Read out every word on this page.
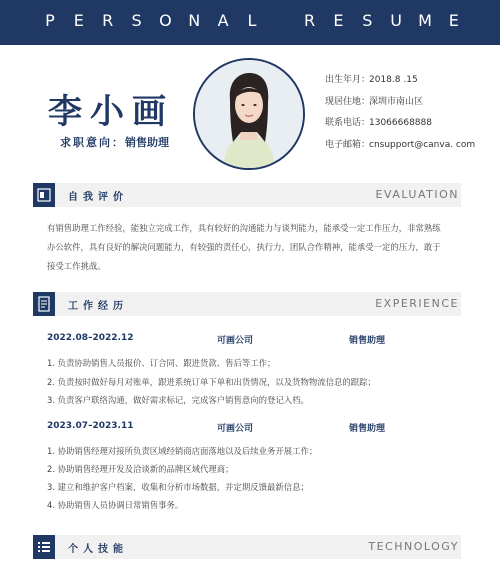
P E R S O N A L	R E S U M E
李小画
求职意向：销售助理
出生年月：2018.8 .15
现居住地：深圳市南山区
联系电话：13066668888
电子邮箱：cnsupport@canva. com
自我评价	EVALUATION
有销售助理工作经验，能独立完成工作，具有较好的沟通能力与谈判能力，能承受一定工作压力，非常熟练
办公软件，具有良好的解决问题能力，有较强的责任心，执行力，团队合作精神，能承受一定的压力，敢于
接受工作挑战。
工作经历	EXPERIENCE
2022.08–2022.12	可画公司	销售助理
1. 负责协助销售人员报价、订合同、跟进货款、售后等工作；
2. 负责按时做好每月对账单，跟进系统订单下单和出货情况，以及货物物流信息的跟踪；
3. 负责客户联络沟通，做好需求标记，完成客户销售意向的登记入档。
2023.07–2023.11	可画公司	销售助理
1. 协助销售经理对接所负责区域经销商店面落地以及后续业务开展工作；
2. 协助销售经理开发及洽谈新的品牌区域代理商；
3. 建立和维护客户档案，收集和分析市场数据，并定期反馈最新信息；
4. 协助销售人员协调日常销售事务。
个人技能	TECHNOLOGY
